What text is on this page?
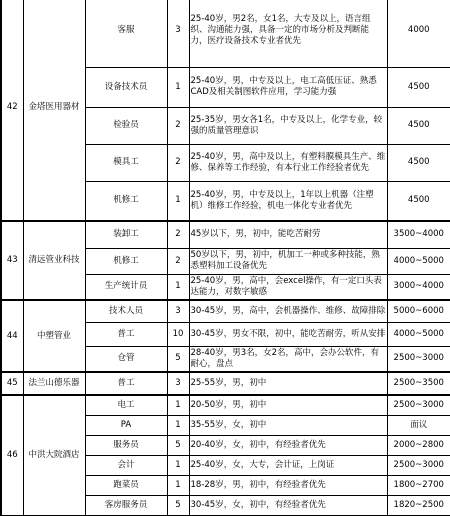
42	金塔医用器材	客服	3	25-40岁，男2名，女1名，大专及以上，语言组织、沟通能力强，具备一定的市场分析及判断能力，医疗设备技术专业者优先	4000
		设备技术员	1	25-40岁，男，中专及以上，电工高低压证、熟悉CAD及相关制图软件应用，学习能力强	4500
		检验员	2	25-35岁，男女各1名，中专及以上，化学专业，较强的质量管理意识	4500
		模具工	2	25-40岁，男，高中及以上，有塑料膜模具生产、维修、保养等工作经验，有本行业工作经验者优先	4500
		机修工	1	25-40岁，男，中专及以上，1年以上机器（注塑机）维修工作经验，机电一体化专业者优先	4500
43	清远管业科技	装卸工	2	45岁以下，男，初中，能吃苦耐劳	3500~4000
		机修工	2	50岁以下，男，初中，机加工一种或多种技能，熟悉塑料加工设备优先	4000~5000
		生产统计员	1	25-40岁，男，高中，会excel操作，有一定口头表达能力，对数字敏感	3000~4000
44	中塑管业	技术人员	3	30-45岁，男，高中，会机器操作、维修、故障排除	5000~6000
		普工	10	30-45岁，男女不限，初中，能吃苦耐劳，听从安排	4000~5000
		仓管	5	28-40岁，男3名，女2名，高中，会办公软件，有耐心，盘点	2500~3000
45	法兰山德乐器	普工	3	25-55岁，男，初中	2500~3500
46	中洪大院酒店	电工	1	20-50岁，男，初中	2500~3000
		PA	1	35-55岁，女，初中	面议
		服务员	5	20-40岁，女，初中，有经验者优先	2000~2800
		会计	1	25-40岁，女，大专，会计证，上岗证	2500~3000
		跑菜员	1	18-28岁，男，初中，有经验者优先	1800~2700
		客房服务员	5	30-45岁，女，初中，有经验者优先	1820~2500
